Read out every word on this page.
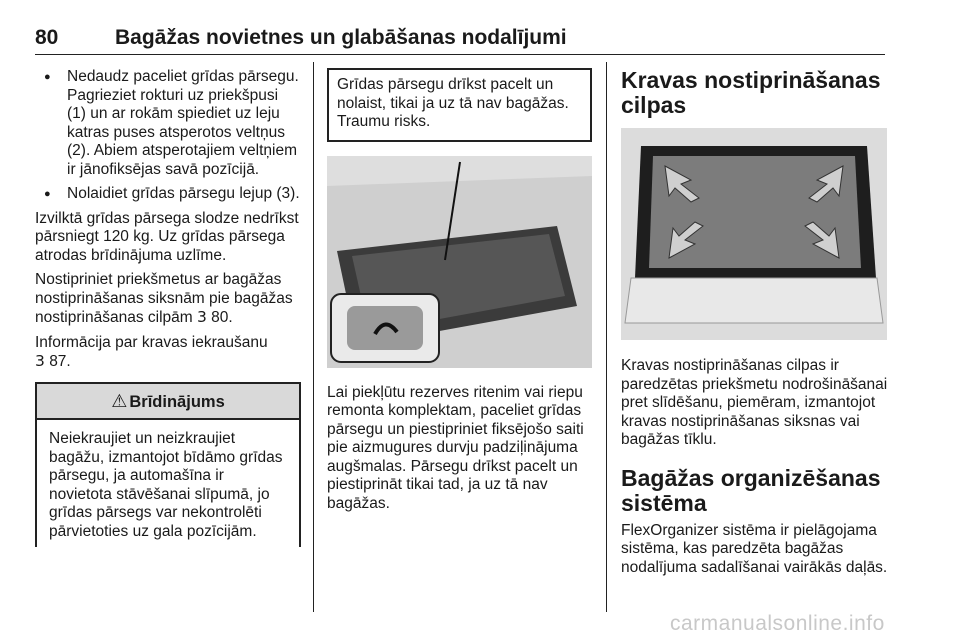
80	Bagāžas novietnes un glabāšanas nodalījumi
● Nedaudz paceliet grīdas pārsegu. Pagrieziet rokturi uz priekšpusi (1) un ar rokām spiediet uz leju katras puses atsperotos veltņus (2). Abiem atsperotajiem veltņiem ir jānofiksējas savā pozīcijā.
● Nolaidiet grīdas pārsegu lejup (3).

Izvilktā grīdas pārsega slodze nedrīkst pārsniegt 120 kg. Uz grīdas pārsega atrodas brīdinājuma uzlīme.

Nostipriniet priekšmetus ar bagāžas nostiprināšanas siksnām pie bagāžas nostiprināšanas cilpām 3 80.

Informācija par kravas iekraušanu
3 87.

⚠ Brīdinājums
Neiekraujiet un neizkraujiet bagāžu, izmantojot bīdāmo grīdas pārsegu, ja automašīna ir novietota stāvēšanai slīpumā, jo grīdas pārsegs var nekontrolēti pārvietoties uz gala pozīcijām.
Grīdas pārsegu drīkst pacelt un nolaist, tikai ja uz tā nav bagāžas. Traumu risks.

Lai piekļūtu rezerves ritenim vai riepu remonta komplektam, paceliet grīdas pārsegu un piestipriniet fiksējošo saiti pie aizmugures durvju padziļinājuma augšmalas. Pārsegu drīkst pacelt un piestiprināt tikai tad, ja uz tā nav bagāžas.

Kravas nostiprināšanas cilpas

Kravas nostiprināšanas cilpas ir paredzētas priekšmetu nodrošināšanai pret slīdēšanu, piemēram, izmantojot kravas nostiprināšanas siksnas vai bagāžas tīklu.

Bagāžas organizēšanas sistēma

FlexOrganizer sistēma ir pielāgojama sistēma, kas paredzēta bagāžas nodalījuma sadalīšanai vairākās daļās.

carmanualsonline.info
